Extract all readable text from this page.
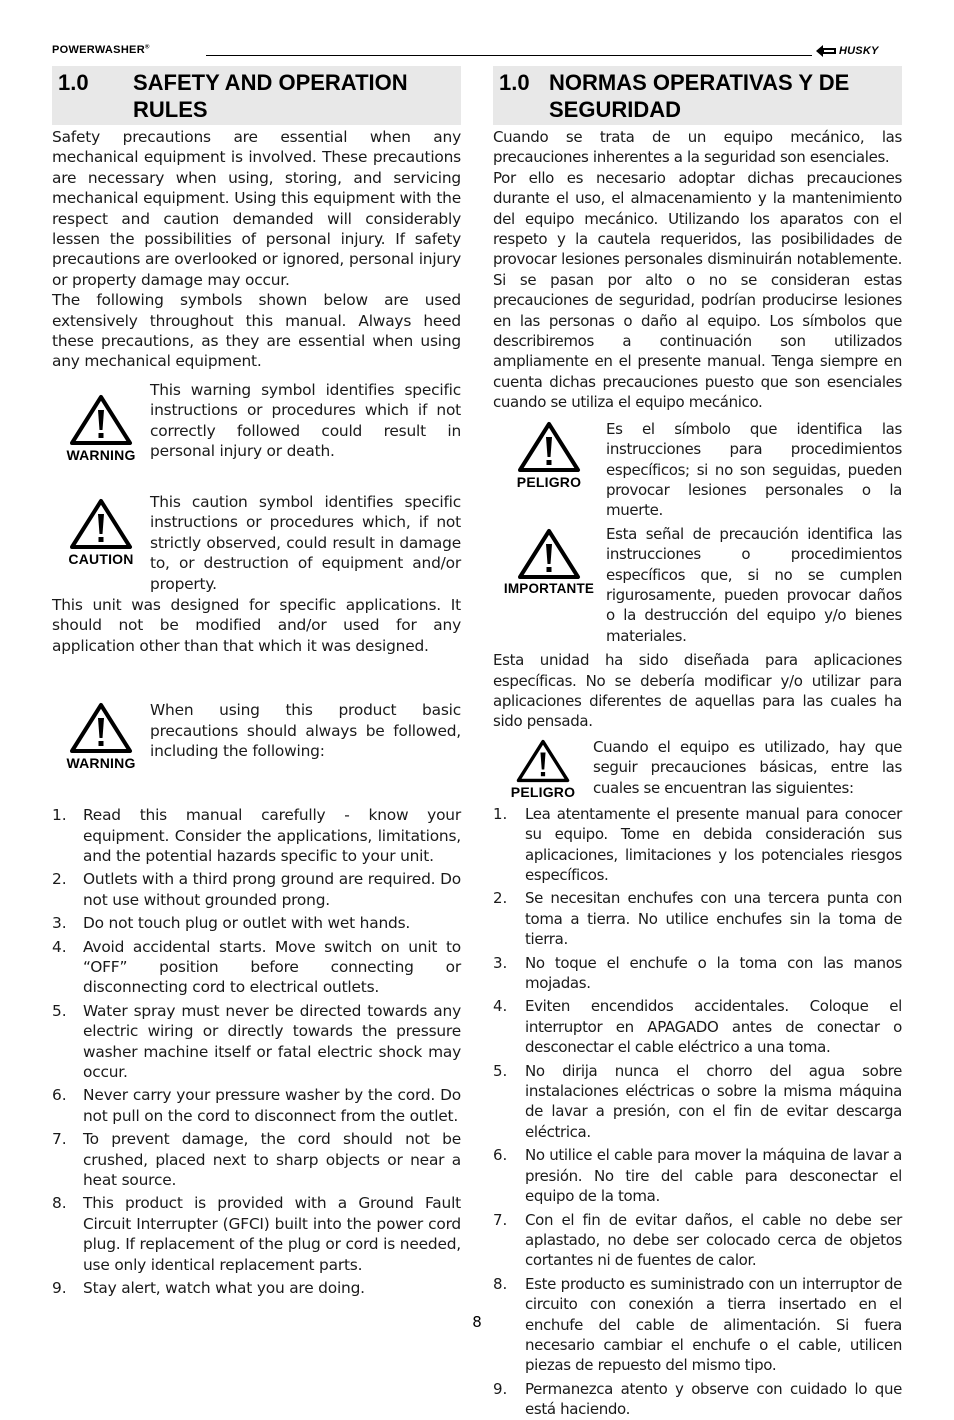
POWERWASHER®	HUSKY
1.0	SAFETY AND OPERATION RULES

Safety precautions are essential when any mechanical equipment is involved. These precautions are necessary when using, storing, and servicing mechanical equipment. Using this equipment with the respect and caution demanded will considerably lessen the possibilities of personal injury. If safety precautions are overlooked or ignored, personal injury or property damage may occur.

The following symbols shown below are used extensively throughout this manual. Always heed these precautions, as they are essential when using any mechanical equipment.

WARNING

This warning symbol identifies specific instructions or procedures which if not correctly followed could result in personal injury or death.

CAUTION

This caution symbol identifies specific instructions or procedures which, if not strictly observed, could result in damage to, or destruction of equipment and/or property.

This unit was designed for specific applications. It should not be modified and/or used for any application other than that which it was designed.

WARNING

When using this product basic precautions should always be followed, including the following:

1.	Read this manual carefully - know your equipment. Consider the applications, limitations, and the potential hazards specific to your unit.
2.	Outlets with a third prong ground are required. Do not use without grounded prong.
3.	Do not touch plug or outlet with wet hands.
4.	Avoid accidental starts. Move switch on unit to “OFF” position before connecting or disconnecting cord to electrical outlets.
5.	Water spray must never be directed towards any electric wiring or directly towards the pressure washer machine itself or fatal electric shock may occur.
6.	Never carry your pressure washer by the cord. Do not pull on the cord to disconnect from the outlet.
7.	To prevent damage, the cord should not be crushed, placed next to sharp objects or near a heat source.
8.	This product is provided with a Ground Fault Circuit Interrupter (GFCI) built into the power cord plug. If replacement of the plug or cord is needed, use only identical replacement parts.
9.	Stay alert, watch what you are doing.
1.0 NORMAS OPERATIVAS Y DE SEGURIDAD

Cuando se trata de un equipo mecánico, las precauciones inherentes a la seguridad son esenciales.

Por ello es necesario adoptar dichas precauciones durante el uso, el almacenamiento y la mantenimiento del equipo mecánico. Utilizando los aparatos con el respeto y la cautela requeridos, las posibilidades de provocar lesiones personales disminuirán notablemente. Si se pasan por alto o no se consideran estas precauciones de seguridad, podrían producirse lesiones en las personas o daño al equipo. Los símbolos que describiremos a continuación son utilizados ampliamente en el presente manual. Tenga siempre en cuenta dichas precauciones puesto que son esenciales cuando se utiliza el equipo mecánico.

PELIGRO

Es el símbolo que identifica las instrucciones para procedimientos específicos; si no son seguidas, pueden provocar lesiones personales o la muerte.

IMPORTANTE

Esta señal de precaución identifica las instrucciones o procedimientos específicos que, si no se cumplen rigurosamente, pueden provocar daños o la destrucción del equipo y/o bienes materiales.

Esta unidad ha sido diseñada para aplicaciones específicas. No se debería modificar y/o utilizar para aplicaciones diferentes de aquellas para las cuales ha sido pensada.

PELIGRO

Cuando el equipo es utilizado, hay que seguir precauciones básicas, entre las cuales se encuentran las siguientes:

1.	Lea atentamente el presente manual para conocer su equipo. Tome en debida consideración sus aplicaciones, limitaciones y los potenciales riesgos específicos.
2.	Se necesitan enchufes con una tercera punta con toma a tierra. No utilice enchufes sin la toma de tierra.
3.	No toque el enchufe o la toma con las manos mojadas.
4.	Eviten encendidos accidentales. Coloque el interruptor en APAGADO antes de conectar o desconectar el cable eléctrico a una toma.
5.	No dirija nunca el chorro del agua sobre instalaciones eléctricas o sobre la misma máquina de lavar a presión, con el fin de evitar descarga eléctrica.
6.	No utilice el cable para mover la máquina de lavar a presión. No tire del cable para desconectar el equipo de la toma.
7.	Con el fin de evitar daños, el cable no debe ser aplastado, no debe ser colocado cerca de objetos cortantes ni de fuentes de calor.
8.	Este producto es suministrado con un interruptor de circuito con conexión a tierra insertado en el enchufe del cable de alimentación. Si fuera necesario cambiar el enchufe o el cable, utilicen piezas de repuesto del mismo tipo.
9.	Permanezca atento y observe con cuidado lo que está haciendo.
8
